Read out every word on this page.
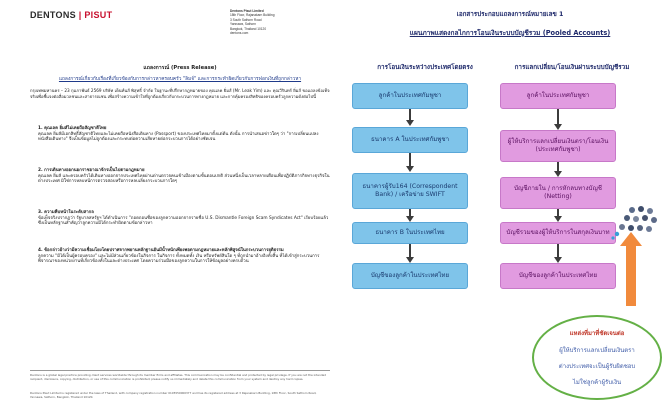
DENTONS | PISUT	Dentons Pisut Limited
18th Floor, Rajanakarn Building
3 South Sathorn Road
Yannawa, Sathorn
Bangkok, Thailand 10120
dentons.com
แถลงการณ์ (Press Release)
แถลงการณ์เกี่ยวกับเรื่องที่เกี่ยวข้องกับการกล่าวหาครอบครัว "ลิมจ์" และการกระทำผิดเกี่ยวกับการฟอกเงินที่ถูกกล่าวหา
กรุงเทพมหานคร – 23 กุมภาพันธ์ 2569 บริษัท เด็นท์นส์ พิสุทธิ์ จำกัด ในฐานะที่ปรึกษากฎหมายของ คุณเลค ยิ่มส์ (Mr. Leak Yim) และ คุณวีรินทร์ ยิ่มส์ ขอแถลงข้อเท็จจริงเพื่อชี้แจงต่อสื่อมวลชนและสาธารณชน เพื่อสร้างความเข้าใจที่ถูกต้องเกี่ยวกับกระบวนการทางกฎหมาย และการคุ้มครองสิทธิของครอบครัวลูกความดังต่อไปนี้
1. คุณเลค ยิ่มส์ไม่เคยถือสัญชาติไทย
คุณเลค ยิ่มส์มีเอกสิทธิ์สัญชาติไทยและไม่เคยถือหนังสือเดินทาง (Passport) ของประเทศไทยมาตั้งแต่ต้น ดังนั้น การนำเสนอข่าวใดๆ ว่า "การเปลี่ยนแปลงหนังสือเดินทาง" จึงเป็นข้อมูลไม่ถูกต้องและกระทบต่อความเสียหายต่อกระบวนการได้อย่างชัดเจน
2. การเดินทางออกนอกราชอาณาจักรเป็นไปตามกฎหมาย
คุณเลค ยิ่มส์ และครอบครัวได้เดินทางออกจากประเทศไทยผ่านด่านตรวจคนเข้าเมืองตามขั้นตอนปกติ ส่วนหนึ่งเป็นเวลาหลายเดือนเพื่อปฏิบัติภารกิจทางธุรกิจในต่างประเทศ มิใช่การหลบหนีการตรวจสอบหรือการหลบเลี่ยงกระบวนการใดๆ
3. ความคืบหน้าในระดับสากล
ข้อเท็จจริงปรากฏว่า รัฐบาลสหรัฐฯ ได้ดำเนินการ "ถอดถอนชื่อของลูกความออกจากรายชื่อ U.S. Dismantle Foreign Scam Syndicates Act" เรียบร้อยแล้ว ซึ่งเป็นหลักฐานสำคัญว่าลูกความมิได้กระทำผิดตามข้อกล่าวหา
4. ข้อกล่าวอ้างว่ามีความเชื่อมโยงโดยปราศจากพยานหลักฐานอันมีน้ำหนักเพียงพอตามกฎหมายและหลักพิสูจน์ในกระบวนการยุติธรรม
ลูกความ "มิได้เป็นผู้ครอบครอง" และไม่มีส่วนเกี่ยวข้องในกิจการ ในกิจการ ทั้งหมดทั้ง เงิน หรือทรัพย์สินใด ๆ ที่ถูกนำมาอ้างอิงทั้งสิ้น ที่ได้เข้าสู่กระบวนการพิจารณาของหน่วยงานที่เกี่ยวข้องทั้งในและต่างประเทศ โดยความร่วมมือของลูกความในการให้ข้อมูลอย่างครบถ้วน
Dentons is a global legal practice providing client services worldwide through its member firms and affiliates. This communication may be confidential and protected by legal privilege. If you are not the intended recipient, disclosure, copying, distribution, or use of this communication is prohibited; please notify us immediately and delete this communication from your system and destroy any hard copies.
Dentons Pisut Limited is registered under the laws of Thailand, with company registration number 0105559000377 and has its registered address at 3 Rajanakarn Building, 18th Floor, South Sathorn Road, Yannawa, Sathorn, Bangkok, Thailand 10120.
เอกสารประกอบแถลงการณ์หมายเลข 1
แผนภาพแสดงกลไกการโอนเงินระบบบัญชีรวม (Pooled Accounts)
การโอนเงินระหว่างประเทศโดยตรง	การแลกเปลี่ยน/โอนเงินผ่านระบบบัญชีรวม
ลูกค้าในประเทศกัมพูชา
ธนาคาร A ในประเทศกัมพูชา
ธนาคารผู้รับ164 (Correspondent Bank) / เครือข่าย SWIFT
ธนาคาร B ในประเทศไทย
บัญชีของลูกค้าในประเทศไทย
ลูกค้าในประเทศกัมพูชา
ผู้ให้บริการแลกเปลี่ยนเงินตรา/โอนเงิน (ประเทศกัมพูชา)
บัญชีภายใน / การหักลบทางบัญชี (Netting)
บัญชีรวมของผู้ให้บริการในสกุลเงินบาท
บัญชีของลูกค้าในประเทศไทย
แหล่งที่มาที่ชัดเจนต่อ
ผู้ให้บริการแลกเปลี่ยนเงินตรา
ต่างประเทศจะเป็นผู้รับผิดชอบ
ไม่ใช่ลูกค้าผู้รับเงิน
